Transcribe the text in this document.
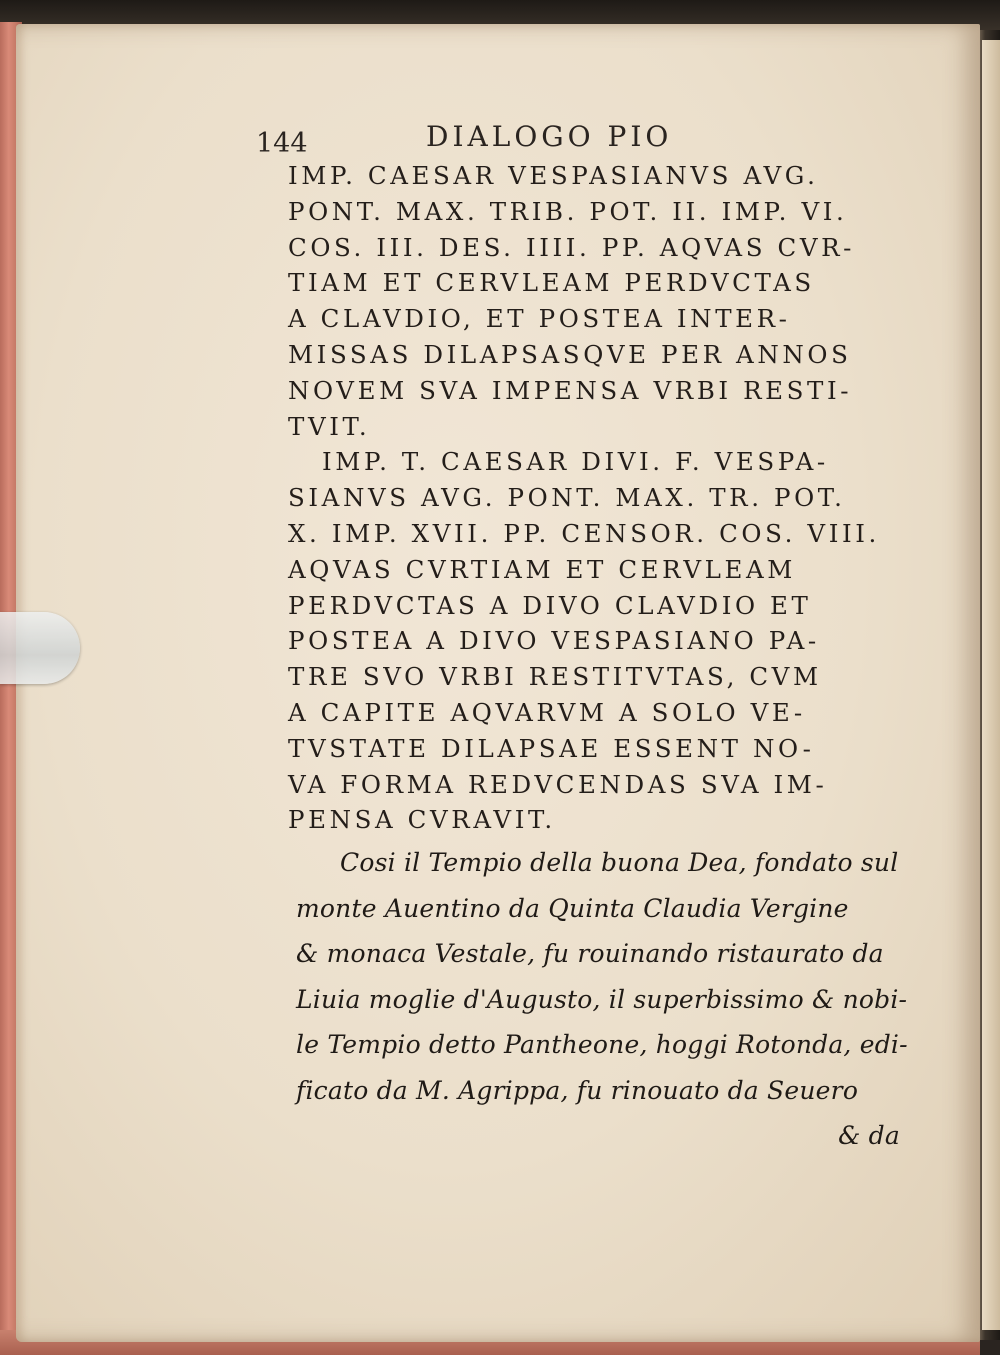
144	DIALOGO PIO
IMP. CAESAR VESPASIANVS AVG.
PONT. MAX. TRIB. POT. II. IMP. VI.
COS. III. DES. IIII. PP. AQVAS CVR-
TIAM ET CERVLEAM PERDVCTAS
A CLAVDIO, ET POSTEA INTER-
MISSAS DILAPSASQVE PER ANNOS
NOVEM SVA IMPENSA VRBI RESTI-
TVIT.
IMP. T. CAESAR DIVI. F. VESPA-
SIANVS AVG. PONT. MAX. TR. POT.
X. IMP. XVII. PP. CENSOR. COS. VIII.
AQVAS CVRTIAM ET CERVLEAM
PERDVCTAS A DIVO CLAVDIO ET
POSTEA A DIVO VESPASIANO PA-
TRE SVO VRBI RESTITVTAS, CVM
A CAPITE AQVARVM A SOLO VE-
TVSTATE DILAPSAE ESSENT NO-
VA FORMA REDVCENDAS SVA IM-
PENSA CVRAVIT.
Cosi il Tempio della buona Dea, fondato sul
monte Auentino da Quinta Claudia Vergine
& monaca Vestale, fu rouinando ristaurato da
Liuia moglie d'Augusto, il superbissimo & nobi-
le Tempio detto Pantheone, hoggi Rotonda, edi-
ficato da M. Agrippa, fu rinouato da Seuero
& da
